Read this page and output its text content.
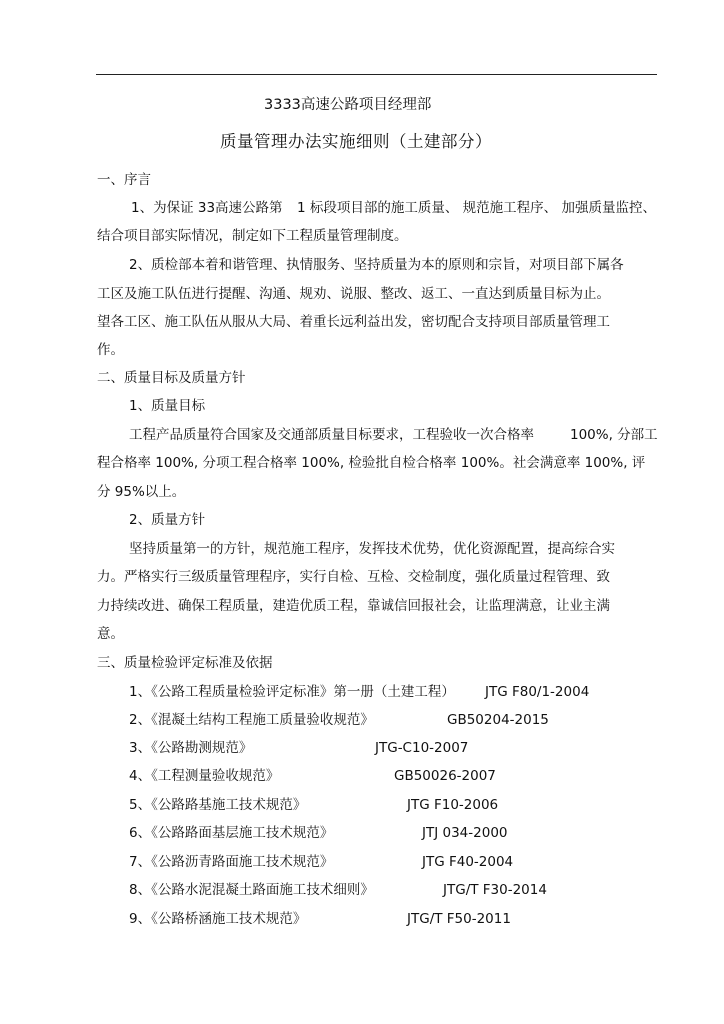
3333高速公路项目经理部
质量管理办法实施细则（土建部分）
一、序言
1、为保证 33高速公路第 1 标段项目部的施工质量、 规范施工程序、 加强质量监控、
结合项目部实际情况，制定如下工程质量管理制度。
2、质检部本着和谐管理、执情服务、坚持质量为本的原则和宗旨，对项目部下属各
工区及施工队伍进行提醒、沟通、规劝、说服、整改、返工、一直达到质量目标为止。
望各工区、施工队伍从服从大局、着重长远利益出发，密切配合支持项目部质量管理工
作。
二、质量目标及质量方针
1、质量目标
工程产品质量符合国家及交通部质量目标要求，工程验收一次合格率	100%, 分部工
程合格率 100%, 分项工程合格率 100%, 检验批自检合格率 100%。社会满意率 100%, 评
分 95%以上。
2、质量方针
坚持质量第一的方针，规范施工程序，发挥技术优势，优化资源配置，提高综合实
力。严格实行三级质量管理程序，实行自检、互检、交检制度，强化质量过程管理、致
力持续改进、确保工程质量，建造优质工程，靠诚信回报社会，让监理满意，让业主满
意。
三、质量检验评定标准及依据
1、《公路工程质量检验评定标准》第一册（土建工程） JTG F80/1-2004
2、《混凝土结构工程施工质量验收规范》	GB50204-2015
3、《公路勘测规范》	JTG-C10-2007
4、《工程测量验收规范》	GB50026-2007
5、《公路路基施工技术规范》	JTG F10-2006
6、《公路路面基层施工技术规范》	JTJ 034-2000
7、《公路沥青路面施工技术规范》	JTG F40-2004
8、《公路水泥混凝土路面施工技术细则》	JTG/T F30-2014
9、《公路桥涵施工技术规范》	JTG/T F50-2011
